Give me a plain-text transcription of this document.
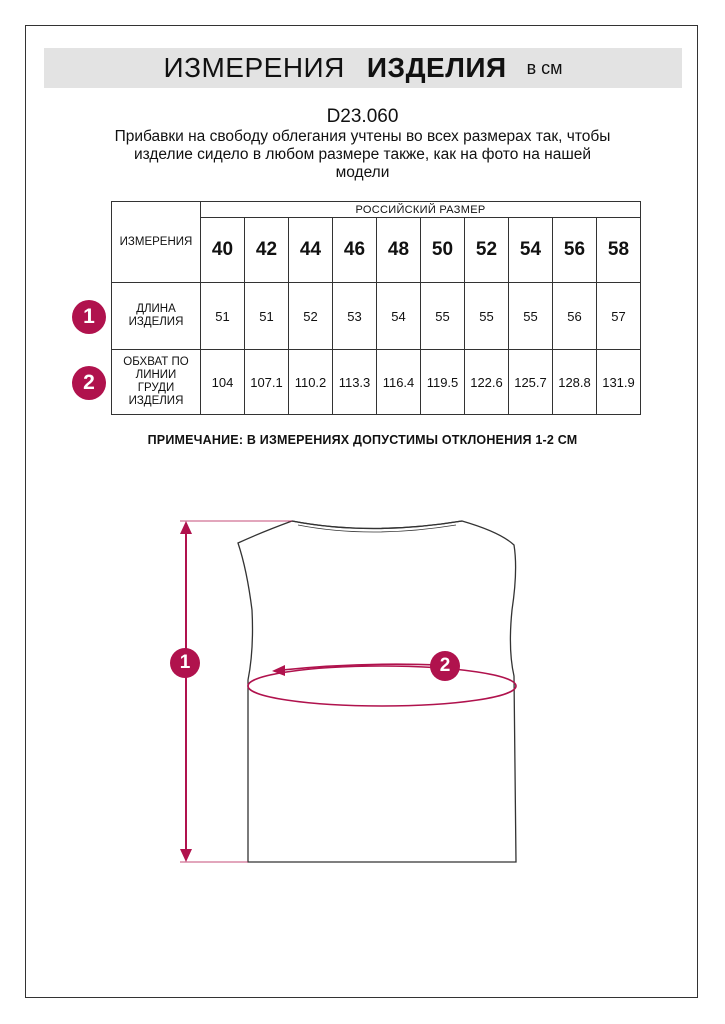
ИЗМЕРЕНИЯ ИЗДЕЛИЯ в см
D23.060
Прибавки на свободу облегания учтены во всех размерах так, чтобы
изделие сидело в любом размере также, как на фото на нашей
модели
ИЗМЕРЕНИЯ	РОССИЙСКИЙ РАЗМЕР									
	40	42	44	46	48	50	52	54	56	58

ДЛИНА
ИЗДЕЛИЯ	51	51	52	53	54	55	55	55	56	57

ОБХВАТ ПО
ЛИНИИ
ГРУДИ
ИЗДЕЛИЯ	104	107.1	110.2	113.3	116.4	119.5	122.6	125.7	128.8	131.9
1
2
ПРИМЕЧАНИЕ: В ИЗМЕРЕНИЯХ ДОПУСТИМЫ ОТКЛОНЕНИЯ 1-2 СМ
1	2
